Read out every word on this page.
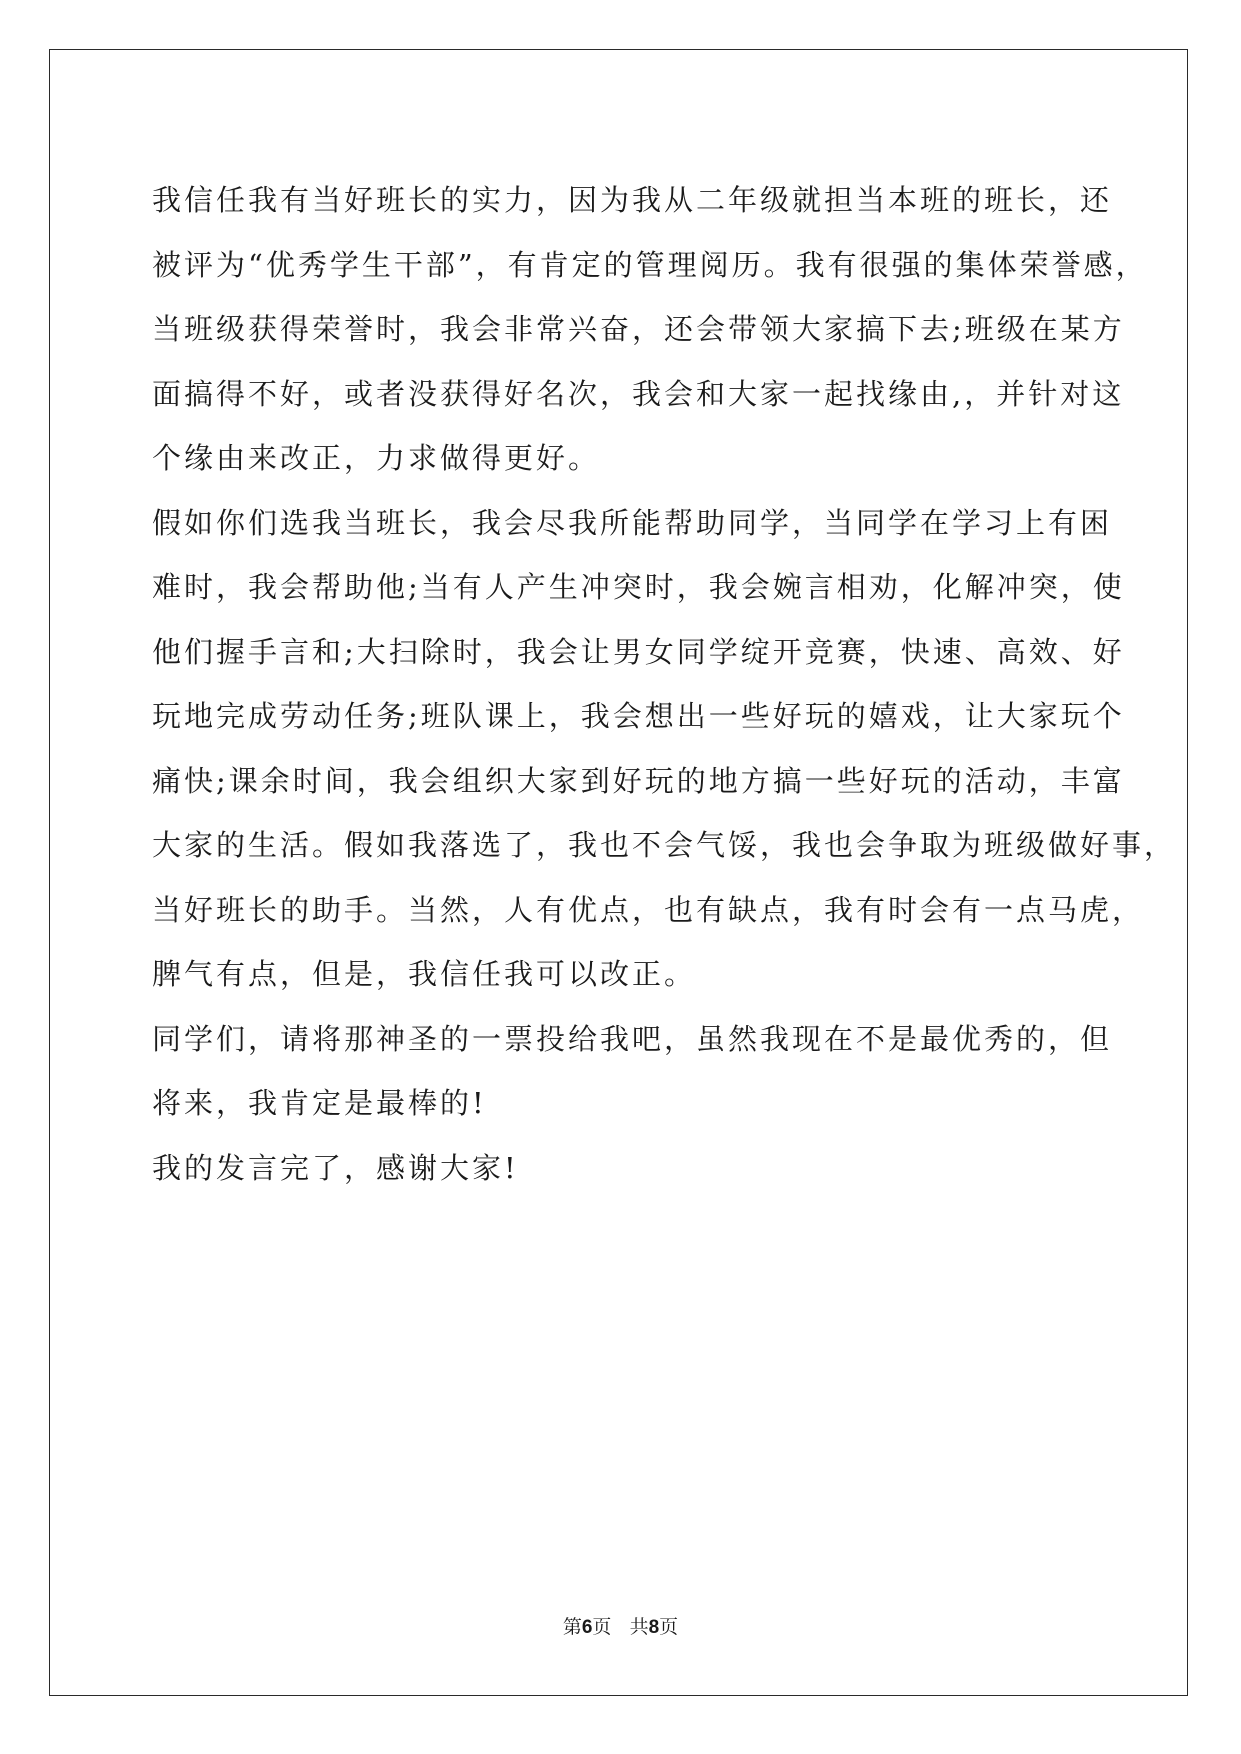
我信任我有当好班长的实力，因为我从二年级就担当本班的班长，还
被评为“优秀学生干部”，有肯定的管理阅历。我有很强的集体荣誉感，
当班级获得荣誉时，我会非常兴奋，还会带领大家搞下去;班级在某方
面搞得不好，或者没获得好名次，我会和大家一起找缘由,，并针对这
个缘由来改正，力求做得更好。
假如你们选我当班长，我会尽我所能帮助同学，当同学在学习上有困
难时，我会帮助他;当有人产生冲突时，我会婉言相劝，化解冲突，使
他们握手言和;大扫除时，我会让男女同学绽开竞赛，快速、高效、好
玩地完成劳动任务;班队课上，我会想出一些好玩的嬉戏，让大家玩个
痛快;课余时间，我会组织大家到好玩的地方搞一些好玩的活动，丰富
大家的生活。假如我落选了，我也不会气馁，我也会争取为班级做好事，
当好班长的助手。当然，人有优点，也有缺点，我有时会有一点马虎，
脾气有点，但是，我信任我可以改正。
同学们，请将那神圣的一票投给我吧，虽然我现在不是最优秀的，但
将来，我肯定是最棒的!
我的发言完了，感谢大家!
第6页 共8页
